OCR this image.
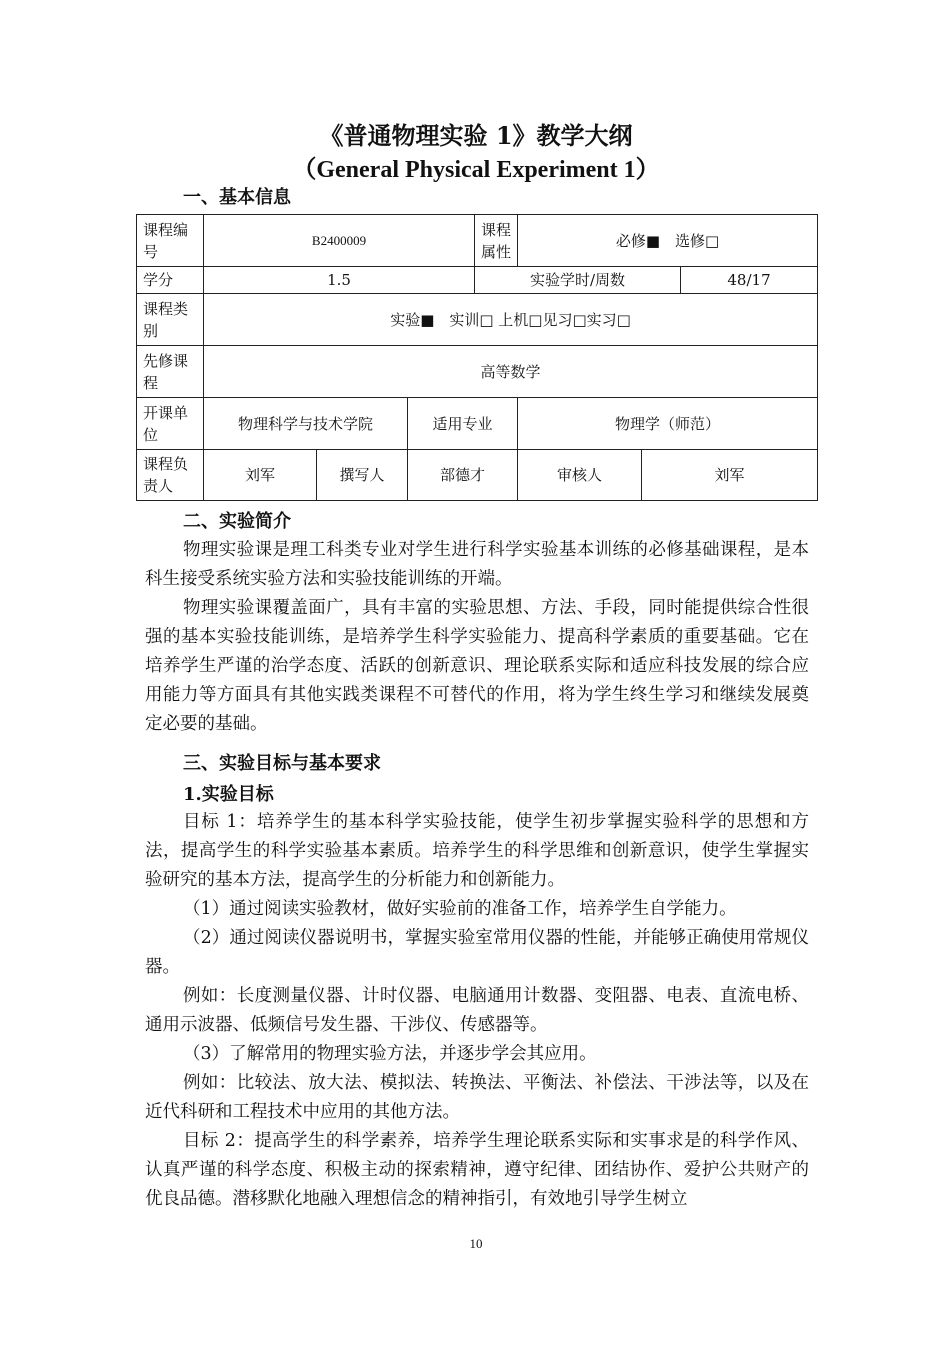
《普通物理实验 1》教学大纲
（General Physical Experiment 1）
一、基本信息
课程编号	B2400009			课程属性	必修■　选修□		
学分	1.5			实验学时/周数			48/17
课程类别	实验■　实训□ 上机□见习□实习□						
先修课程	高等数学						
开课单位	物理科学与技术学院		适用专业		物理学（师范）		
课程负责人	刘军	撰写人	部德才		审核人	刘军	
二、实验简介

物理实验课是理工科类专业对学生进行科学实验基本训练的必修基础课程，是本科生接受系统实验方法和实验技能训练的开端。

物理实验课覆盖面广，具有丰富的实验思想、方法、手段，同时能提供综合性很强的基本实验技能训练，是培养学生科学实验能力、提高科学素质的重要基础。它在培养学生严谨的治学态度、活跃的创新意识、理论联系实际和适应科技发展的综合应用能力等方面具有其他实践类课程不可替代的作用，将为学生终生学习和继续发展奠定必要的基础。

三、实验目标与基本要求
1.实验目标

目标 1：培养学生的基本科学实验技能，使学生初步掌握实验科学的思想和方法，提高学生的科学实验基本素质。培养学生的科学思维和创新意识，使学生掌握实验研究的基本方法，提高学生的分析能力和创新能力。

（1）通过阅读实验教材，做好实验前的准备工作，培养学生自学能力。

（2）通过阅读仪器说明书，掌握实验室常用仪器的性能，并能够正确使用常规仪器。

例如：长度测量仪器、计时仪器、电脑通用计数器、变阻器、电表、直流电桥、通用示波器、低频信号发生器、干涉仪、传感器等。

（3）了解常用的物理实验方法，并逐步学会其应用。

例如：比较法、放大法、模拟法、转换法、平衡法、补偿法、干涉法等，以及在近代科研和工程技术中应用的其他方法。

目标 2：提高学生的科学素养，培养学生理论联系实际和实事求是的科学作风、认真严谨的科学态度、积极主动的探索精神，遵守纪律、团结协作、爱护公共财产的优良品德。潜移默化地融入理想信念的精神指引，有效地引导学生树立

10
